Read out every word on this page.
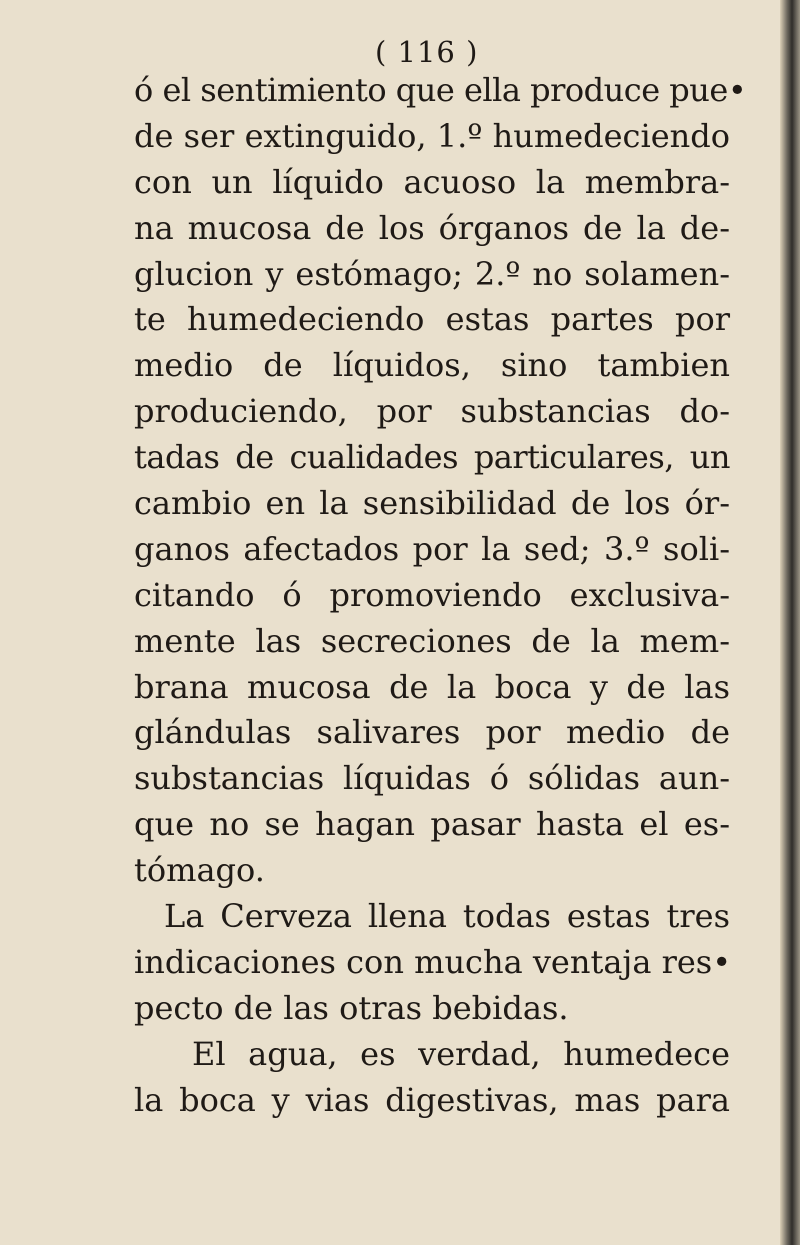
( 116 )
ó el sentimiento que ella produce pue•
de ser extinguido, 1.º humedeciendo
con un líquido acuoso la membra-
na mucosa de los órganos de la de-
glucion y estómago; 2.º no solamen-
te humedeciendo estas partes por
medio de líquidos, sino tambien
produciendo, por substancias do-
tadas de cualidades particulares, un
cambio en la sensibilidad de los ór-
ganos afectados por la sed; 3.º soli-
citando ó promoviendo exclusiva-
mente las secreciones de la mem-
brana mucosa de la boca y de las
glándulas salivares por medio de
substancias líquidas ó sólidas aun-
que no se hagan pasar hasta el es-
tómago.
La Cerveza llena todas estas tres
indicaciones con mucha ventaja res•
pecto de las otras bebidas.
El agua, es verdad, humedece
la boca y vias digestivas, mas para
